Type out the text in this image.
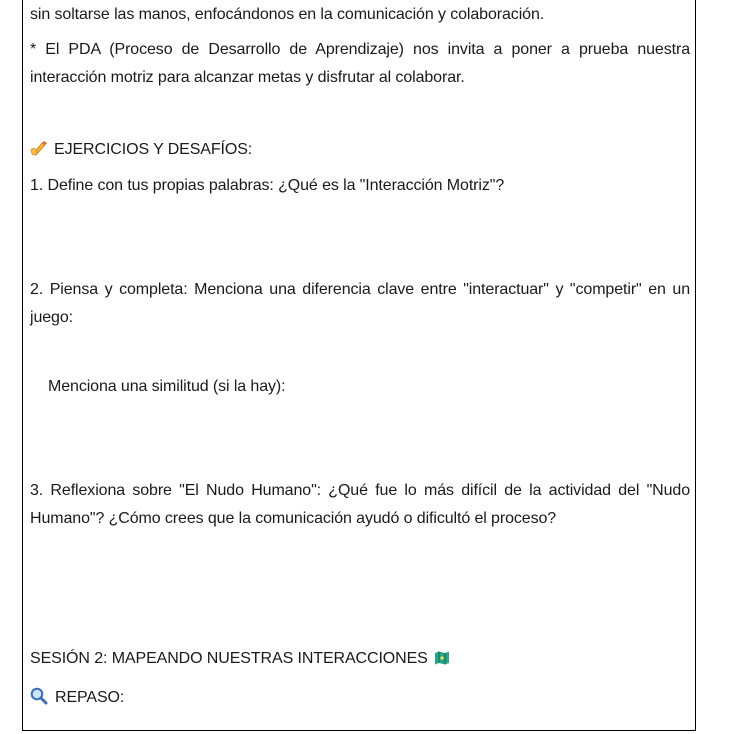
sin soltarse las manos, enfocándonos en la comunicación y colaboración.
* El PDA (Proceso de Desarrollo de Aprendizaje) nos invita a poner a prueba nuestra interacción motriz para alcanzar metas y disfrutar al colaborar.
EJERCICIOS Y DESAFÍOS:
1. Define con tus propias palabras: ¿Qué es la "Interacción Motriz"?
2. Piensa y completa: Menciona una diferencia clave entre "interactuar" y "competir" en un juego:
Menciona una similitud (si la hay):
3. Reflexiona sobre "El Nudo Humano": ¿Qué fue lo más difícil de la actividad del "Nudo Humano"? ¿Cómo crees que la comunicación ayudó o dificultó el proceso?
SESIÓN 2: MAPEANDO NUESTRAS INTERACCIONES
REPASO:
